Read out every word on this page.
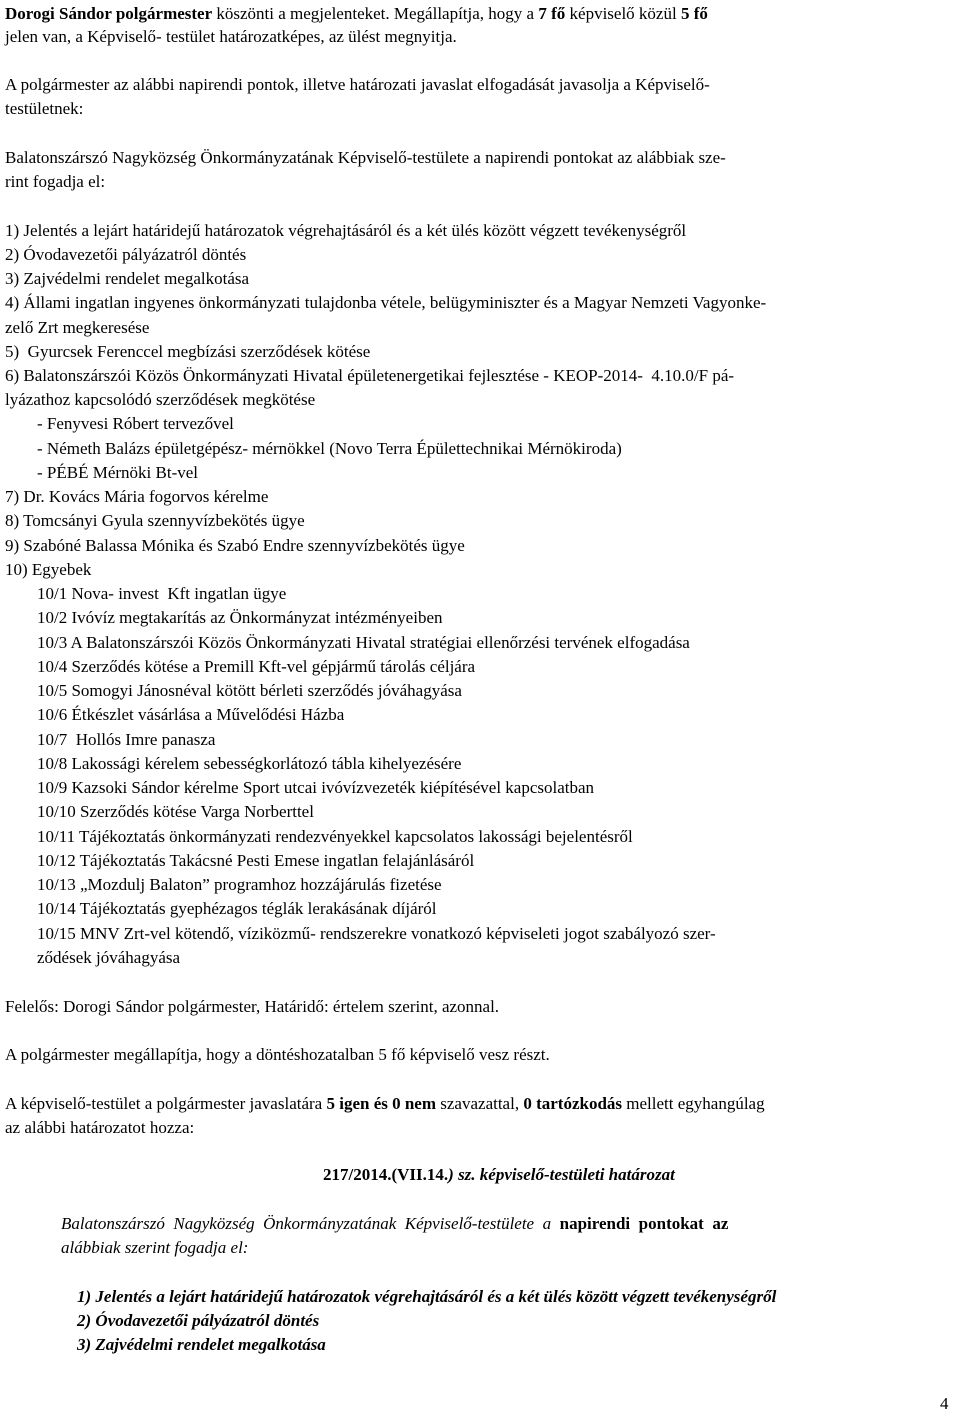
Dorogi Sándor polgármester köszönti a megjelenteket. Megállapítja, hogy a 7 fő képviselő közül 5 fő
jelen van, a Képviselő- testület határozatképes, az ülést megnyitja.
A polgármester az alábbi napirendi pontok, illetve határozati javaslat elfogadását javasolja a Képviselő-
testületnek:
Balatonszárszó Nagyközség Önkormányzatának Képviselő-testülete a napirendi pontokat az alábbiak sze-
rint fogadja el:
1) Jelentés a lejárt határidejű határozatok végrehajtásáról és a két ülés között végzett tevékenységről
2) Óvodavezetői pályázatról döntés
3) Zajvédelmi rendelet megalkotása
4) Állami ingatlan ingyenes önkormányzati tulajdonba vétele, belügyminiszter és a Magyar Nemzeti Vagyonke-
zelő Zrt megkeresése
5)  Gyurcsek Ferenccel megbízási szerződések kötése
6) Balatonszárszói Közös Önkormányzati Hivatal épületenergetikai fejlesztése - KEOP-2014-  4.10.0/F pá-
lyázathoz kapcsolódó szerződések megkötése
- Fenyvesi Róbert tervezővel
- Németh Balázs épületgépész- mérnökkel (Novo Terra Épülettechnikai Mérnökiroda)
- PÉBÉ Mérnöki Bt-vel
7) Dr. Kovács Mária fogorvos kérelme
8) Tomcsányi Gyula szennyvízbekötés ügye
9) Szabóné Balassa Mónika és Szabó Endre szennyvízbekötés ügye
10) Egyebek
10/1 Nova- invest  Kft ingatlan ügye
10/2 Ivóvíz megtakarítás az Önkormányzat intézményeiben
10/3 A Balatonszárszói Közös Önkormányzati Hivatal stratégiai ellenőrzési tervének elfogadása
10/4 Szerződés kötése a Premill Kft-vel gépjármű tárolás céljára
10/5 Somogyi Jánosnéval kötött bérleti szerződés jóváhagyása
10/6 Étkészlet vásárlása a Művelődési Házba
10/7  Hollós Imre panasza
10/8 Lakossági kérelem sebességkorlátozó tábla kihelyezésére
10/9 Kazsoki Sándor kérelme Sport utcai ivóvízvezeték kiépítésével kapcsolatban
10/10 Szerződés kötése Varga Norberttel
10/11 Tájékoztatás önkormányzati rendezvényekkel kapcsolatos lakossági bejelentésről
10/12 Tájékoztatás Takácsné Pesti Emese ingatlan felajánlásáról
10/13 „Mozdulj Balaton” programhoz hozzájárulás fizetése
10/14 Tájékoztatás gyephézagos téglák lerakásának díjáról
10/15 MNV Zrt-vel kötendő, víziközmű- rendszerekre vonatkozó képviseleti jogot szabályozó szer-
ződések jóváhagyása
Felelős: Dorogi Sándor polgármester, Határidő: értelem szerint, azonnal.
A polgármester megállapítja, hogy a döntéshozatalban 5 fő képviselő vesz részt.
A képviselő-testület a polgármester javaslatára 5 igen és 0 nem szavazattal, 0 tartózkodás mellett egyhangúlag
az alábbi határozatot hozza:
217/2014.(VII.14.) sz. képviselő-testületi határozat
Balatonszárszó  Nagyközség  Önkormányzatának  Képviselő-testülete  a  napirendi  pontokat  az
alábbiak szerint fogadja el:
1) Jelentés a lejárt határidejű határozatok végrehajtásáról és a két ülés között végzett tevékenységről
2) Óvodavezetői pályázatról döntés
3) Zajvédelmi rendelet megalkotása
4
